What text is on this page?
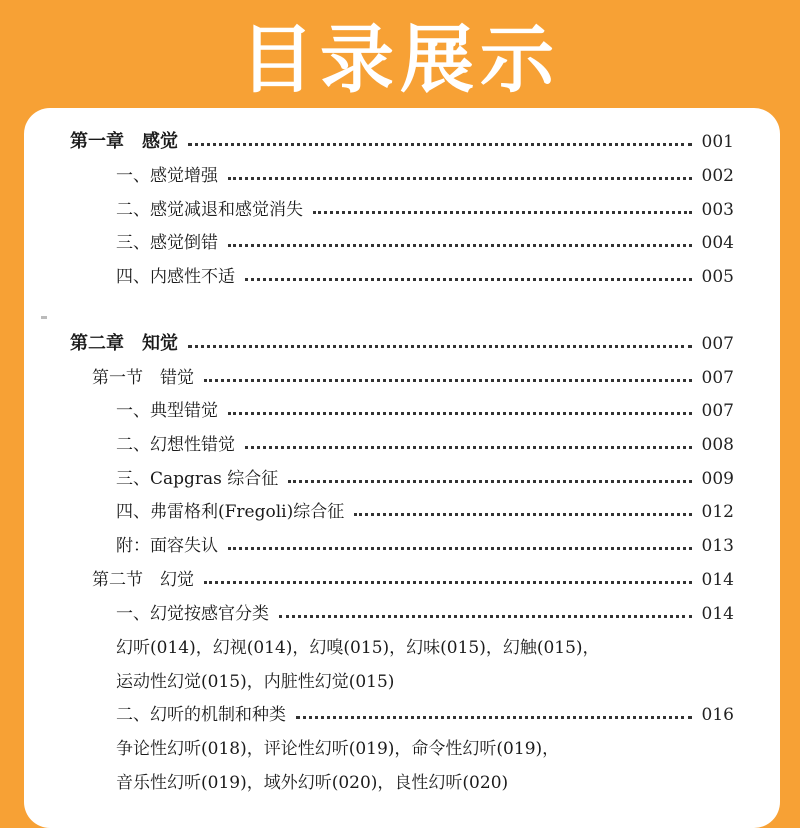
目录展示
第一章　感觉	001
一、感觉增强	002
二、感觉减退和感觉消失	003
三、感觉倒错	004
四、内感性不适	005
第二章　知觉	007
第一节　错觉	007
一、典型错觉	007
二、幻想性错觉	008
三、Capgras 综合征	009
四、弗雷格利(Fregoli)综合征	012
附：面容失认	013
第二节　幻觉	014
一、幻觉按感官分类	014
幻听(014)，幻视(014)，幻嗅(015)，幻味(015)，幻触(015)，
运动性幻觉(015)，内脏性幻觉(015)
二、幻听的机制和种类	016
争论性幻听(018)，评论性幻听(019)，命令性幻听(019)，
音乐性幻听(019)，域外幻听(020)，良性幻听(020)
